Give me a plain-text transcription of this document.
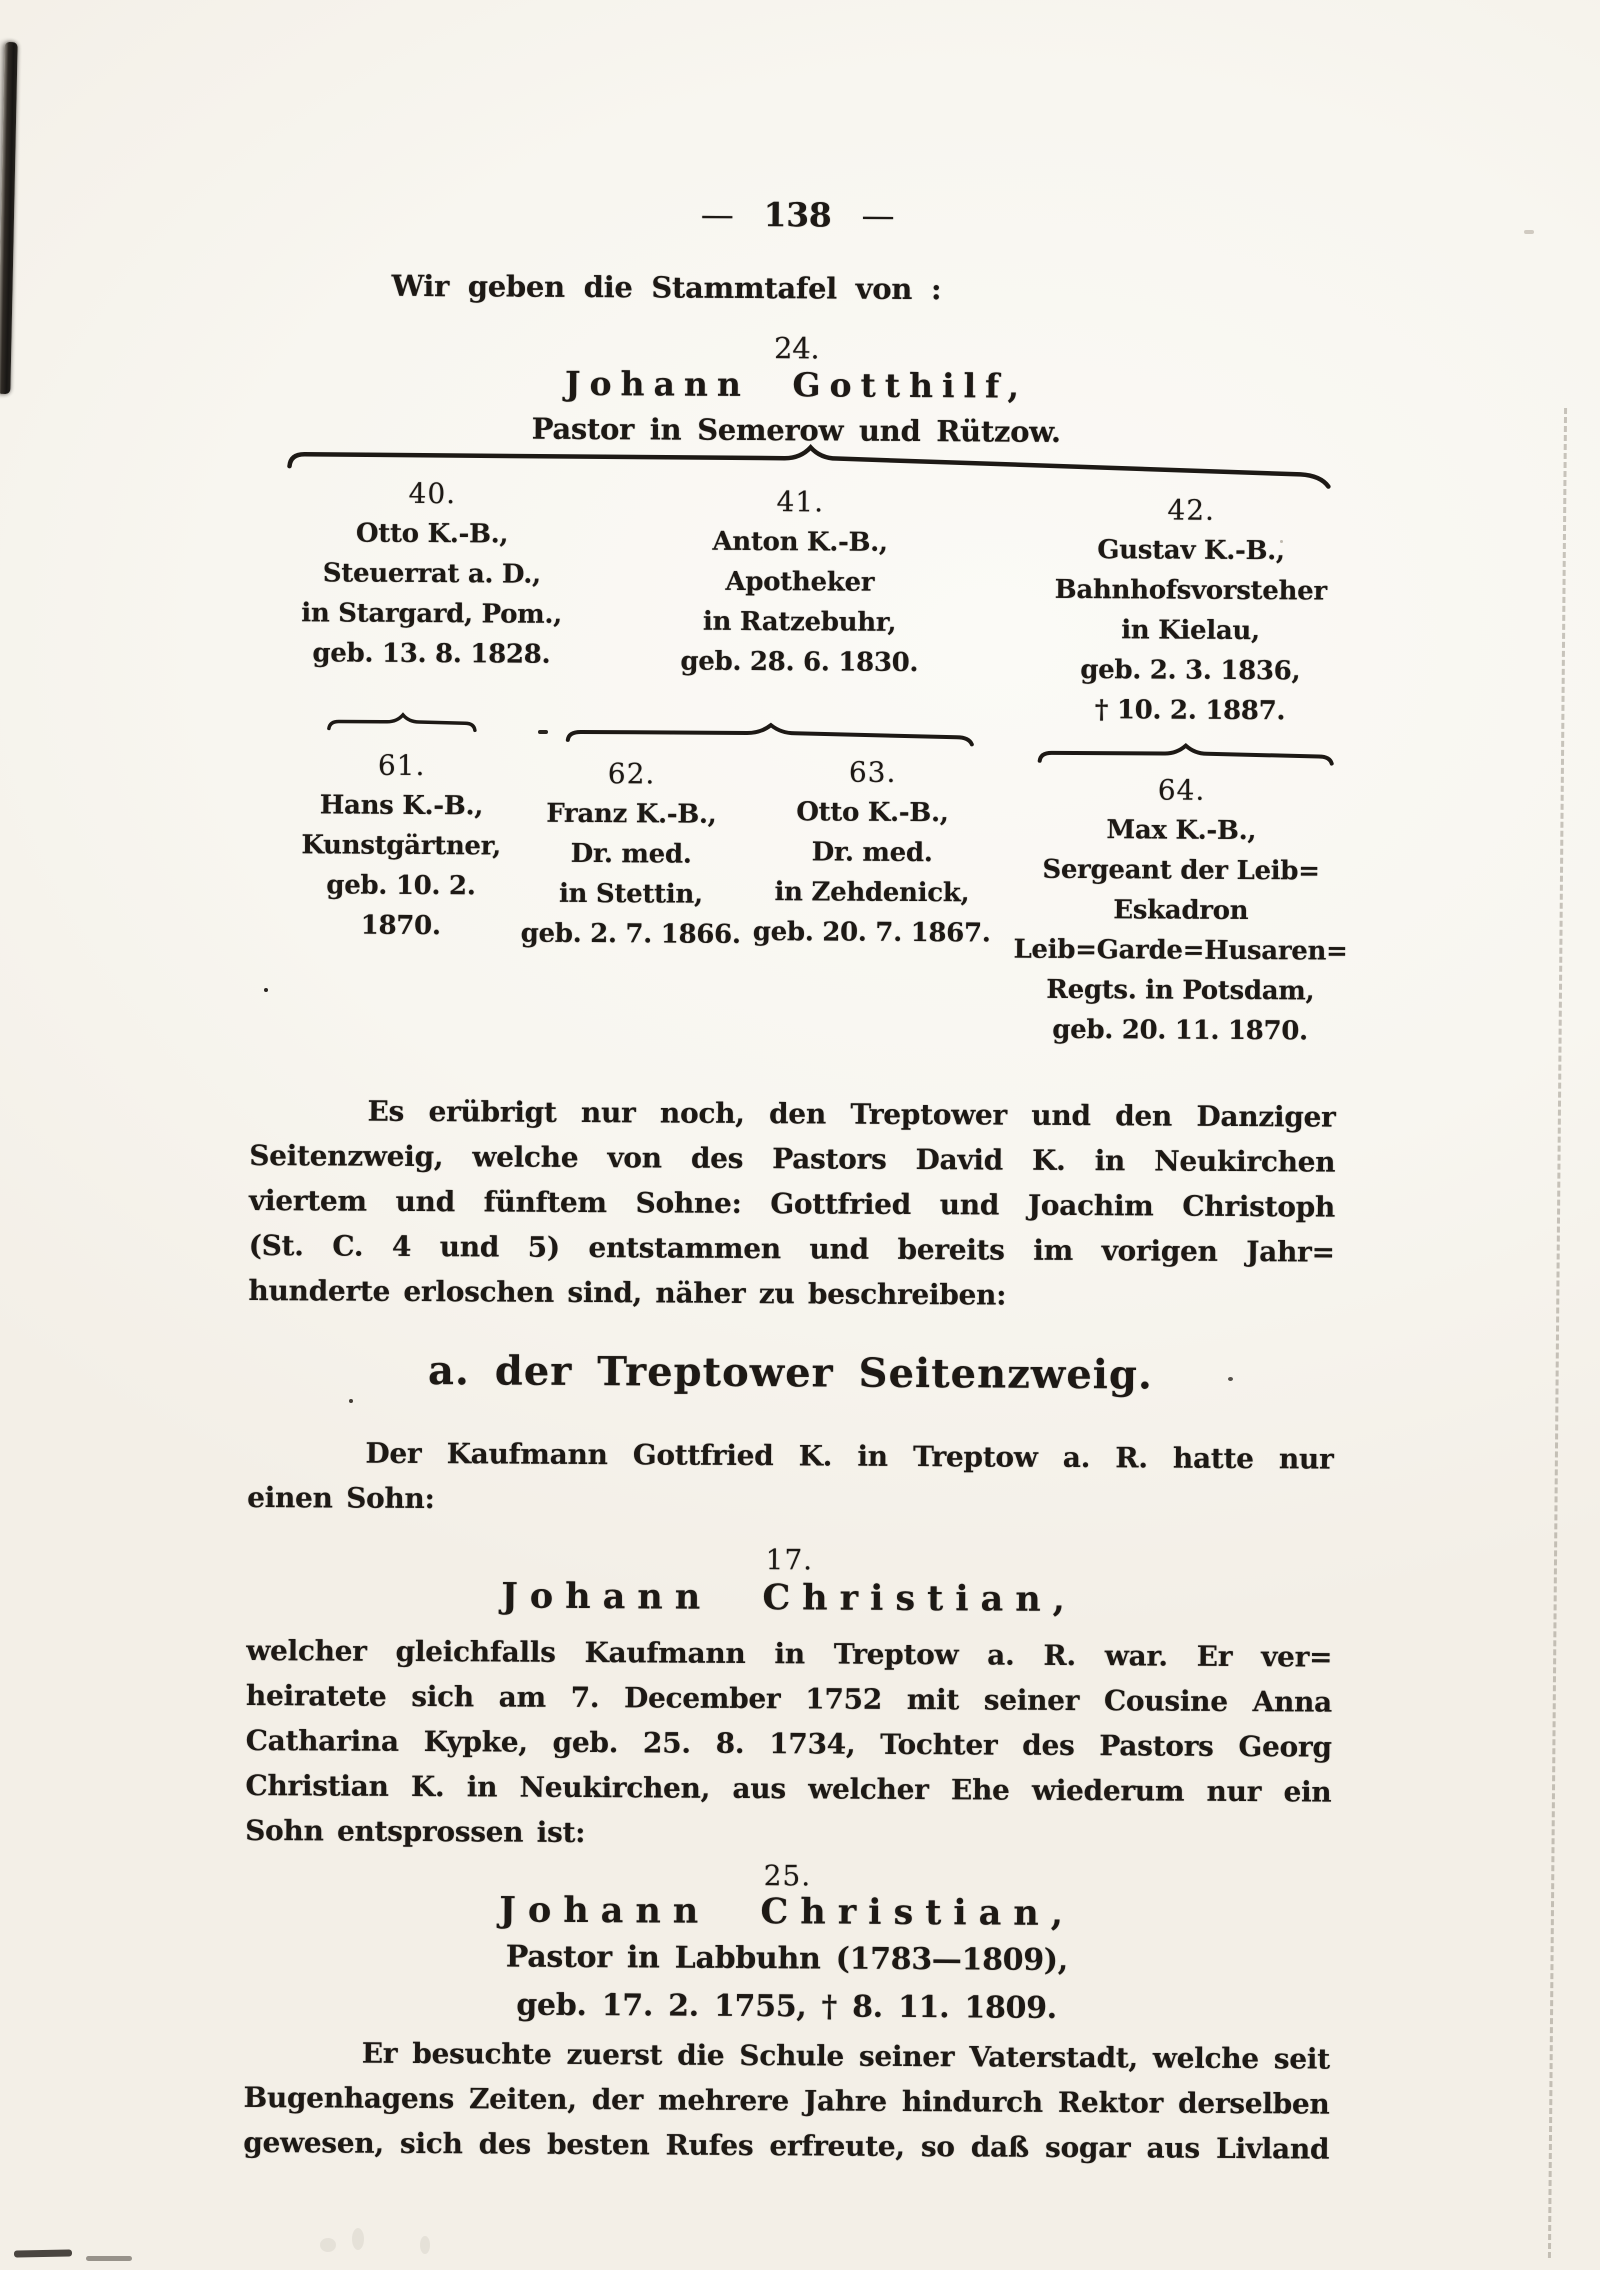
— 138 —
Wir geben die Stammtafel von :
24.
Johann Gotthilf,
Pastor in Semerow und Rützow.
40.
Otto K.-B.,
Steuerrat a. D.,
in Stargard, Pom.,
geb. 13. 8. 1828.
41.
Anton K.-B.,
Apotheker
in Ratzebuhr,
geb. 28. 6. 1830.
42.
Gustav K.-B.,
Bahnhofsvorsteher
in Kielau,
geb. 2. 3. 1836,
† 10. 2. 1887.
61.
Hans K.-B.,
Kunstgärtner,
geb. 10. 2.
1870.
62.
Franz K.-B.,
Dr. med.
in Stettin,
geb. 2. 7. 1866.
63.
Otto K.-B.,
Dr. med.
in Zehdenick,
geb. 20. 7. 1867.
64.
Max K.-B.,
Sergeant der Leib=
Eskadron
Leib=Garde=Husaren=
Regts. in Potsdam,
geb. 20. 11. 1870.
Es erübrigt nur noch, den Treptower und den Danziger
Seitenzweig, welche von des Pastors David K. in Neukirchen
viertem und fünftem Sohne: Gottfried und Joachim Christoph
(St. C. 4 und 5) entstammen und bereits im vorigen Jahr=
hunderte erloschen sind, näher zu beschreiben:
a. der Treptower Seitenzweig.
Der Kaufmann Gottfried K. in Treptow a. R. hatte nur
einen Sohn:
17.
Johann Christian,
welcher gleichfalls Kaufmann in Treptow a. R. war. Er ver=
heiratete sich am 7. December 1752 mit seiner Cousine Anna
Catharina Kypke, geb. 25. 8. 1734, Tochter des Pastors Georg
Christian K. in Neukirchen, aus welcher Ehe wiederum nur ein
Sohn entsprossen ist:
25.
Johann Christian,
Pastor in Labbuhn (1783—1809),
geb. 17. 2. 1755, † 8. 11. 1809.
Er besuchte zuerst die Schule seiner Vaterstadt, welche seit
Bugenhagens Zeiten, der mehrere Jahre hindurch Rektor derselben
gewesen, sich des besten Rufes erfreute, so daß sogar aus Livland
